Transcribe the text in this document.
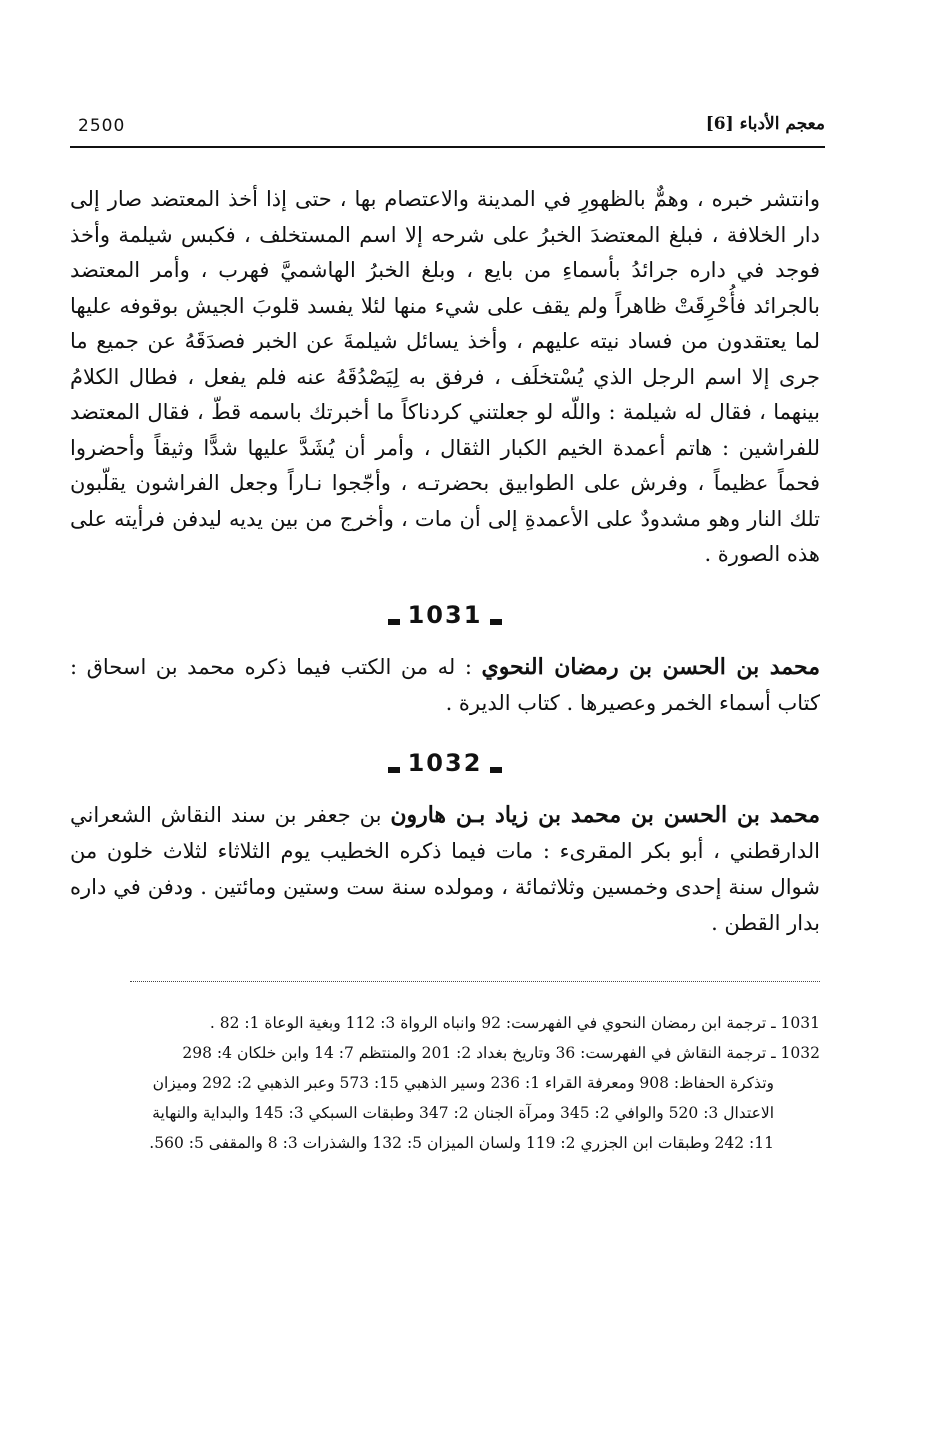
معجم الأدباء [6]
2500

وانتشر خبره ، وهمٌّ بالظهورِ في المدينة والاعتصام بها ، حتى إذا أخذ المعتضد صار إلى دار الخلافة ، فبلغ المعتضدَ الخبرُ على شرحه إلا اسم المستخلف ، فكبس شيلمة وأخذ فوجد في داره جرائدُ بأسماءِ من بايع ، وبلغ الخبرُ الهاشميَّ فهرب ، وأمر المعتضد بالجرائد فأُحْرِقَتْ ظاهراً ولم يقف على شيء منها لئلا يفسد قلوبَ الجيش بوقوفه عليها لما يعتقدون من فساد نيته عليهم ، وأخذ يسائل شيلمةَ عن الخبر فصدَقَهُ عن جميع ما جرى إلا اسم الرجل الذي يُسْتخلَف ، فرفق به لِيَصْدُقَهُ عنه فلم يفعل ، فطال الكلامُ بينهما ، فقال له شيلمة : واللّه لو جعلتني كردناكاً ما أخبرتك باسمه قطّ ، فقال المعتضد للفراشين : هاتم أعمدة الخيم الكبار الثقال ، وأمر أن يُشَدَّ عليها شدًّا وثيقاً وأحضروا فحماً عظيماً ، وفرش على الطوابيق بحضرتـه ، وأجّجوا نـاراً وجعل الفراشون يقلّبون تلك النار وهو مشدودٌ على الأعمدةِ إلى أن مات ، وأخرج من بين يديه ليدفن فرأيته على هذه الصورة .

1031
محمد بن الحسن بن رمضان النحوي : له من الكتب فيما ذكره محمد بن اسحاق : كتاب أسماء الخمر وعصيرها . كتاب الديرة .
1032
محمد بن الحسن بن محمد بن زياد بـن هارون بن جعفر بن سند النقاش الشعراني الدارقطني ، أبو بكر المقرىء : مات فيما ذكره الخطيب يوم الثلاثاء لثلاث خلون من شوال سنة إحدى وخمسين وثلاثمائة ، ومولده سنة ست وستين ومائتين . ودفن في داره بدار القطن .

1031 ـ ترجمة ابن رمضان النحوي في الفهرست: 92 وانباه الرواة 3: 112 وبغية الوعاة 1: 82 .

1032 ـ ترجمة النقاش في الفهرست: 36 وتاريخ بغداد 2: 201 والمنتظم 7: 14 وابن خلكان 4: 298

وتذكرة الحفاظ: 908 ومعرفة القراء 1: 236 وسير الذهبي 15: 573 وعبر الذهبي 2: 292 وميزان

الاعتدال 3: 520 والوافي 2: 345 ومرآة الجنان 2: 347 وطبقات السبكي 3: 145 والبداية والنهاية

11: 242 وطبقات ابن الجزري 2: 119 ولسان الميزان 5: 132 والشذرات 3: 8 والمقفى 5: 560.
